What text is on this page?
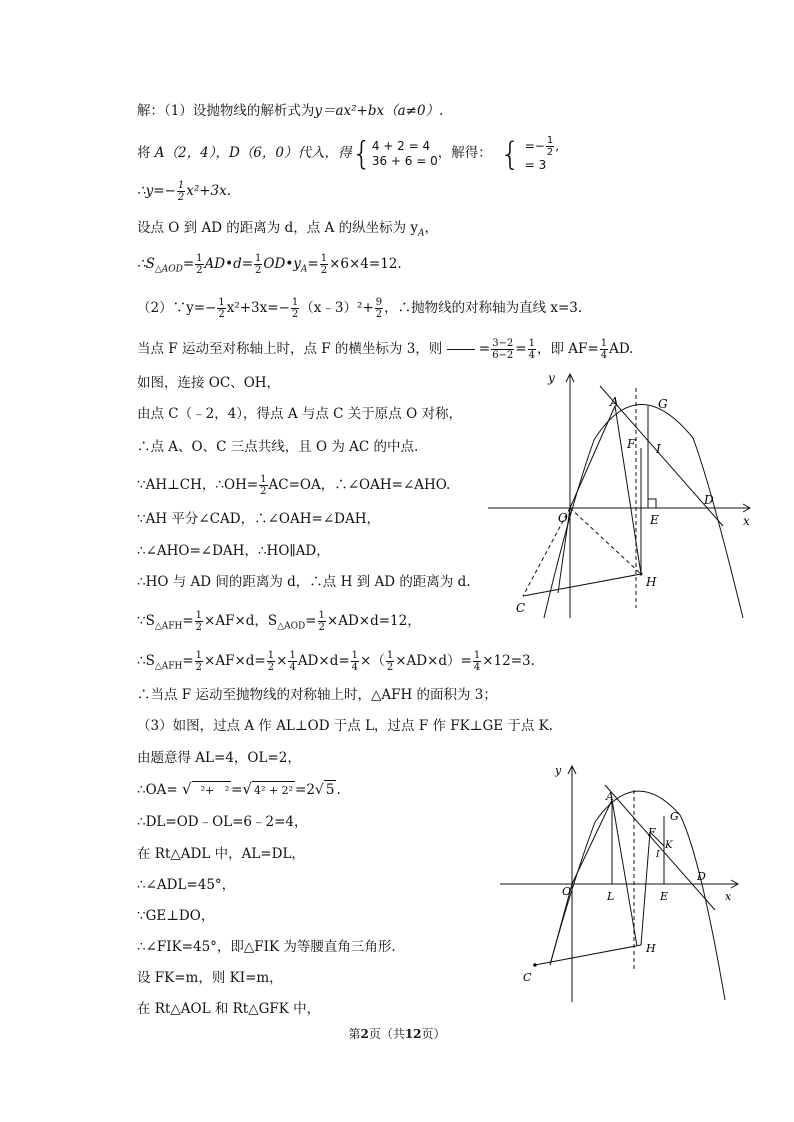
解：（1）设抛物线的解析式为y＝ax²+bx（a≠0）.
将 A（2，4），D（6，0）代入，得{ 4 + 2 = 4
36 + 6 = 0 ，解得： { =− $\frac{1}{2}$ ,
= 3
∴y=− $\frac{1}{2} x^2+3x$.
设点 O 到 AD 的距离为 d，点 A 的纵坐标为 $y_A$，
$\therefore S_{\triangle AOD}= \frac{1}{2}$ AD•d= $\frac{1}{2}$ $OD•y_A= \frac{1}{2} \times 6\times 4=12$.
（2）∵y=− $\frac{1}{2} x^2+3x=- \frac{1}{2}$ （x﹣3）²+ $\frac{9}{2}$ ，∴抛物线的对称轴为直线 x=3.
当点 F 运动至对称轴上时，点 F 的横坐标为 3，则	= $\frac{3-2}{6-2} = \frac{1}{4}$ ，即 $AF= \frac{1}{4}$ AD.
如图，连接 OC、OH，
由点 C（﹣2，4），得点 A 与点 C 关于原点 O 对称，
∴点 A、O、C 三点共线，且 O 为 AC 的中点.
∵AH⊥CH，∴OH= $\frac{1}{2} AC=OA$，∴∠OAH=∠AHO.
∵AH 平分∠CAD，∴∠OAH=∠DAH，
∴∠AHO=∠DAH，∴HO∥AD，
∴HO 与 AD 间的距离为 d，∴点 H 到 AD 的距离为 d.
$\because S_{\triangle AFH}= \frac{1}{2} \times AF\times d$，$S_{\triangle AOD}= \frac{1}{2} \times AD\times d=12$，
$\therefore S_{\triangle AFH}= \frac{1}{2} \times AF\times d= \frac{1}{2} \times \frac{1}{4} AD\times d= \frac{1}{4}$ ×（ $\frac{1}{2} \times AD\times d)= \frac{1}{4} \times 12=3$.
∴当点 F 运动至抛物线的对称轴上时，△AFH 的面积为 3；
（3）如图，过点 A 作 AL⊥OD 于点 L，过点 F 作 FK⊥GE 于点 K.
由题意得 AL=4，OL=2，
∴OA= √  ²+   ² =√ 4² + 2² =2√ 5 .
∴DL=OD﹣OL=6﹣2=4，
在 Rt△ADL 中，AL=DL，
∴∠ADL=45°，
∵GE⊥DO，
∴∠FIK=45°，即△FIK 为等腰直角三角形.
设 FK=m，则 KI=m，
在 Rt△AOL 和 Rt△GFK 中，
y
x
A	G
F I
D
O	E
H
C
y
x
A
G
F
K
I
D
O	L	E
H
C
第2页（共12页）
